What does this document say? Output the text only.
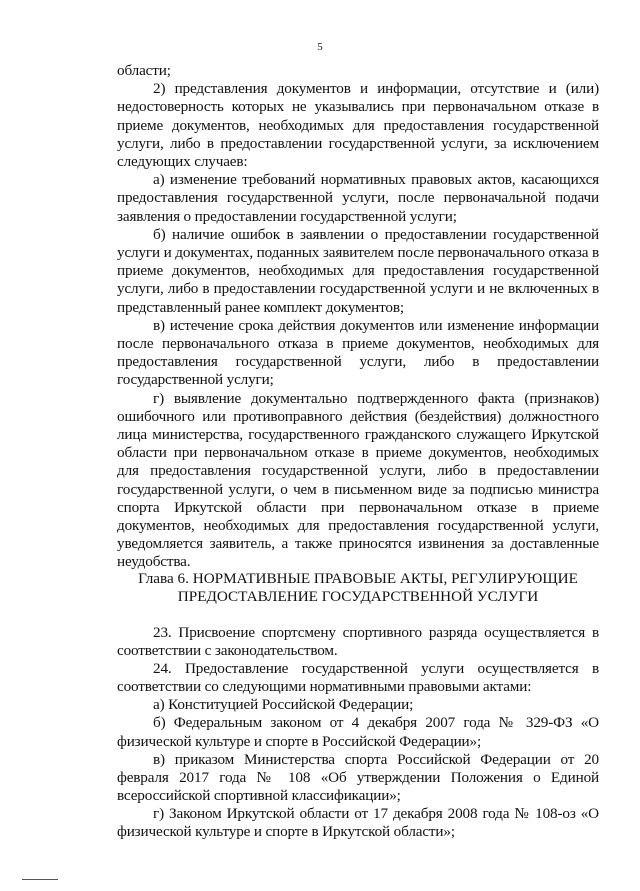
5

области;

2) представления документов и информации, отсутствие и (или) недостоверность которых не указывались при первоначальном отказе в приеме документов, необходимых для предоставления государственной услуги, либо в предоставлении государственной услуги, за исключением следующих случаев:

а) изменение требований нормативных правовых актов, касающихся предоставления государственной услуги, после первоначальной подачи заявления о предоставлении государственной услуги;

б) наличие ошибок в заявлении о предоставлении государственной услуги и документах, поданных заявителем после первоначального отказа в приеме документов, необходимых для предоставления государственной услуги, либо в предоставлении государственной услуги и не включенных в представленный ранее комплект документов;

в) истечение срока действия документов или изменение информации после первоначального отказа в приеме документов, необходимых для предоставления государственной услуги, либо в предоставлении государственной услуги;

г) выявление документально подтвержденного факта (признаков) ошибочного или противоправного действия (бездействия) должностного лица министерства, государственного гражданского служащего Иркутской области при первоначальном отказе в приеме документов, необходимых для предоставления государственной услуги, либо в предоставлении государственной услуги, о чем в письменном виде за подписью министра спорта Иркутской области при первоначальном отказе в приеме документов, необходимых для предоставления государственной услуги, уведомляется заявитель, а также приносятся извинения за доставленные неудобства.

Глава 6. НОРМАТИВНЫЕ ПРАВОВЫЕ АКТЫ, РЕГУЛИРУЮЩИЕ
ПРЕДОСТАВЛЕНИЕ ГОСУДАРСТВЕННОЙ УСЛУГИ

23. Присвоение спортсмену спортивного разряда осуществляется в соответствии с законодательством.

24. Предоставление государственной услуги осуществляется в соответствии со следующими нормативными правовыми актами:

а) Конституцией Российской Федерации;

б) Федеральным законом от 4 декабря 2007 года № 329-ФЗ «О физической культуре и спорте в Российской Федерации»;

в) приказом Министерства спорта Российской Федерации от 20 февраля 2017 года № 108 «Об утверждении Положения о Единой всероссийской спортивной классификации»;

г) Законом Иркутской области от 17 декабря 2008 года № 108-оз «О физической культуре и спорте в Иркутской области»;
